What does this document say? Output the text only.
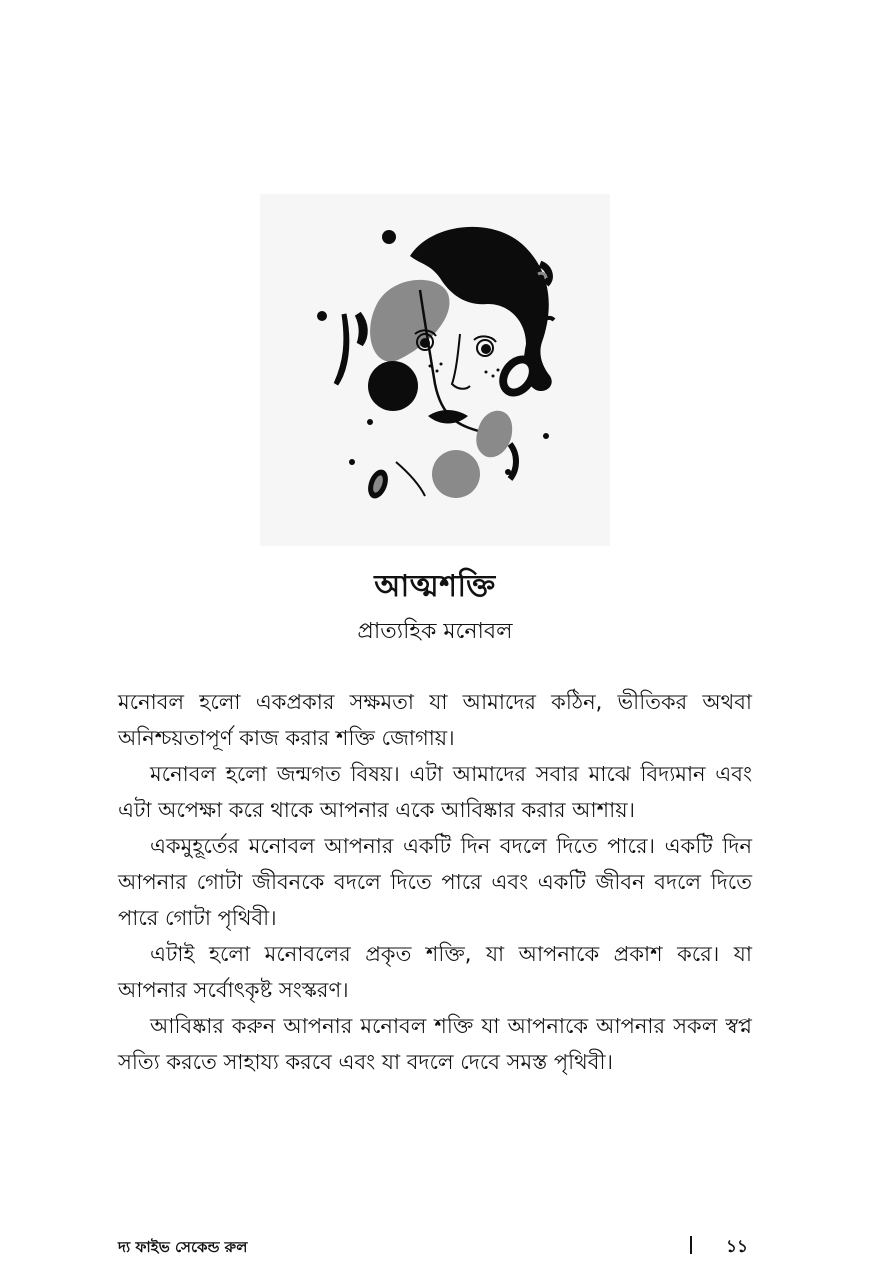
আত্মশক্তি
প্রাত্যহিক মনোবল

মনোবল হলো একপ্রকার সক্ষমতা যা আমাদের কঠিন, ভীতিকর অথবা অনিশ্চয়তাপূর্ণ কাজ করার শক্তি জোগায়।

মনোবল হলো জন্মগত বিষয়। এটা আমাদের সবার মাঝে বিদ্যমান এবং এটা অপেক্ষা করে থাকে আপনার একে আবিষ্কার করার আশায়।

একমুহূর্তের মনোবল আপনার একটি দিন বদলে দিতে পারে। একটি দিন আপনার গোটা জীবনকে বদলে দিতে পারে এবং একটি জীবন বদলে দিতে পারে গোটা পৃথিবী।

এটাই হলো মনোবলের প্রকৃত শক্তি, যা আপনাকে প্রকাশ করে। যা আপনার সর্বোৎকৃষ্ট সংস্করণ।

আবিষ্কার করুন আপনার মনোবল শক্তি যা আপনাকে আপনার সকল স্বপ্ন সত্যি করতে সাহায্য করবে এবং যা বদলে দেবে সমস্ত পৃথিবী।

দ্য ফাইভ সেকেন্ড রুল	১১
